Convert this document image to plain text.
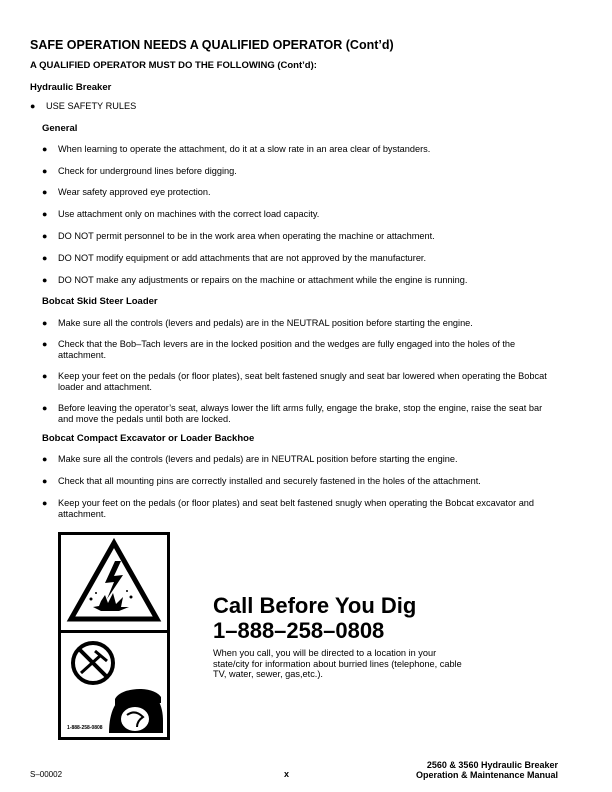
SAFE OPERATION NEEDS A QUALIFIED OPERATOR (Cont’d)
A QUALIFIED OPERATOR MUST DO THE FOLLOWING (Cont’d):
Hydraulic Breaker
● USE SAFETY RULES
General
● When learning to operate the attachment, do it at a slow rate in an area clear of bystanders.
● Check for underground lines before digging.
● Wear safety approved eye protection.
● Use attachment only on machines with the correct load capacity.
● DO NOT permit personnel to be in the work area when operating the machine or attachment.
● DO NOT modify equipment or add attachments that are not approved by the manufacturer.
● DO NOT make any adjustments or repairs on the machine or attachment while the engine is running.
Bobcat Skid Steer Loader
● Make sure all the controls (levers and pedals) are in the NEUTRAL position before starting the engine.
● Check that the Bob–Tach levers are in the locked position and the wedges are fully engaged into the holes of the attachment.
● Keep your feet on the pedals (or floor plates), seat belt fastened snugly and seat bar lowered when operating the Bobcat loader and attachment.
● Before leaving the operator’s seat, always lower the lift arms fully, engage the brake, stop the engine, raise the seat bar and move the pedals until both are locked.
Bobcat Compact Excavator or Loader Backhoe
● Make sure all the controls (levers and pedals) are in NEUTRAL position before starting the engine.
● Check that all mounting pins are correctly installed and securely fastened in the holes of the attachment.
● Keep your feet on the pedals (or floor plates) and seat belt fastened snugly when operating the Bobcat excavator and attachment.
1-888-258-0808
Call Before You Dig
1–888–258–0808
When you call, you will be directed to a location in your state/city for information about burried lines (telephone, cable TV, water, sewer, gas,etc.).
S–00002	x
2560 & 3560 Hydraulic Breaker
Operation & Maintenance Manual
